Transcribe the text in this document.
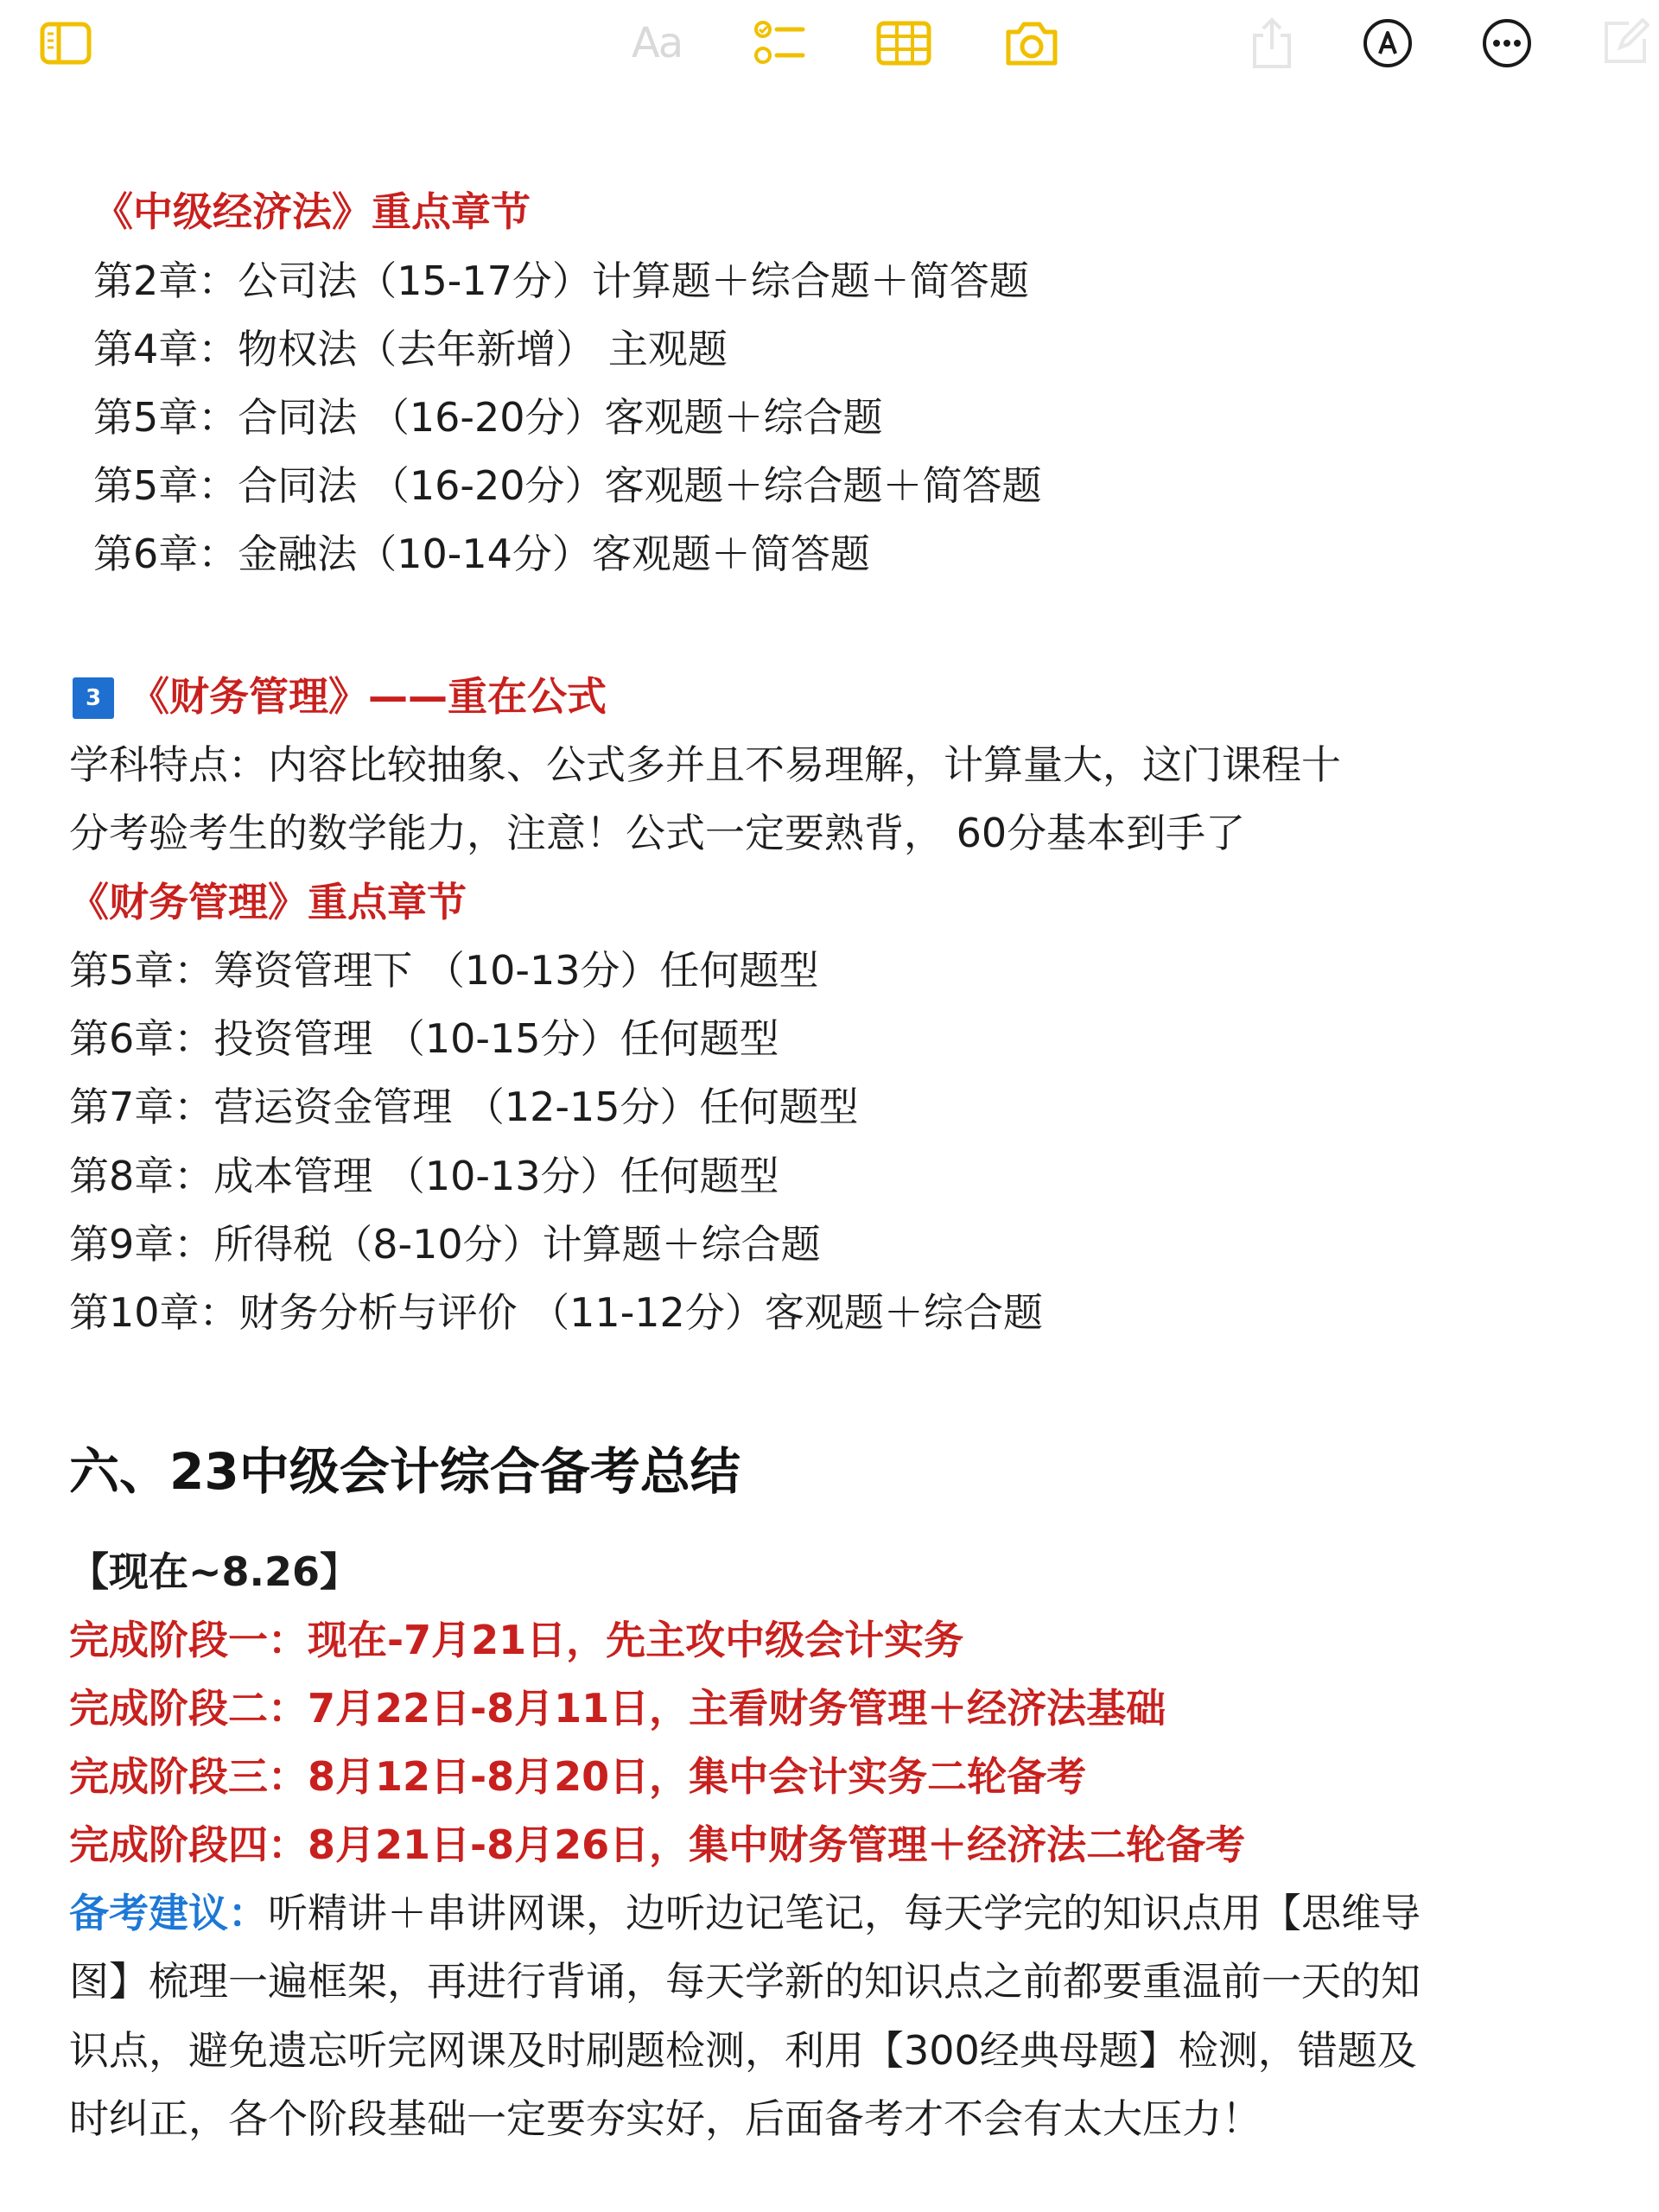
Aa
《中级经济法》重点章节
第2章：公司法（15-17分）计算题＋综合题＋简答题
第4章：物权法（去年新增） 主观题
第5章：合同法 （16-20分）客观题＋综合题
第5章：合同法 （16-20分）客观题＋综合题＋简答题
第6章：金融法（10-14分）客观题＋简答题
3 《财务管理》——重在公式
学科特点：内容比较抽象、公式多并且不易理解，计算量大，这门课程十
分考验考生的数学能力，注意！公式一定要熟背， 60分基本到手了
《财务管理》重点章节
第5章：筹资管理下 （10-13分）任何题型
第6章：投资管理 （10-15分）任何题型
第7章：营运资金管理 （12-15分）任何题型
第8章：成本管理 （10-13分）任何题型
第9章：所得税（8-10分）计算题＋综合题
第10章：财务分析与评价 （11-12分）客观题＋综合题
六、23中级会计综合备考总结
【现在~8.26】
完成阶段一：现在-7月21日，先主攻中级会计实务
完成阶段二：7月22日-8月11日，主看财务管理＋经济法基础
完成阶段三：8月12日-8月20日，集中会计实务二轮备考
完成阶段四：8月21日-8月26日，集中财务管理＋经济法二轮备考
备考建议：听精讲＋串讲网课，边听边记笔记，每天学完的知识点用【思维导
图】梳理一遍框架，再进行背诵，每天学新的知识点之前都要重温前一天的知
识点，避免遗忘听完网课及时刷题检测，利用【300经典母题】检测，错题及
时纠正，各个阶段基础一定要夯实好，后面备考才不会有太大压力！
